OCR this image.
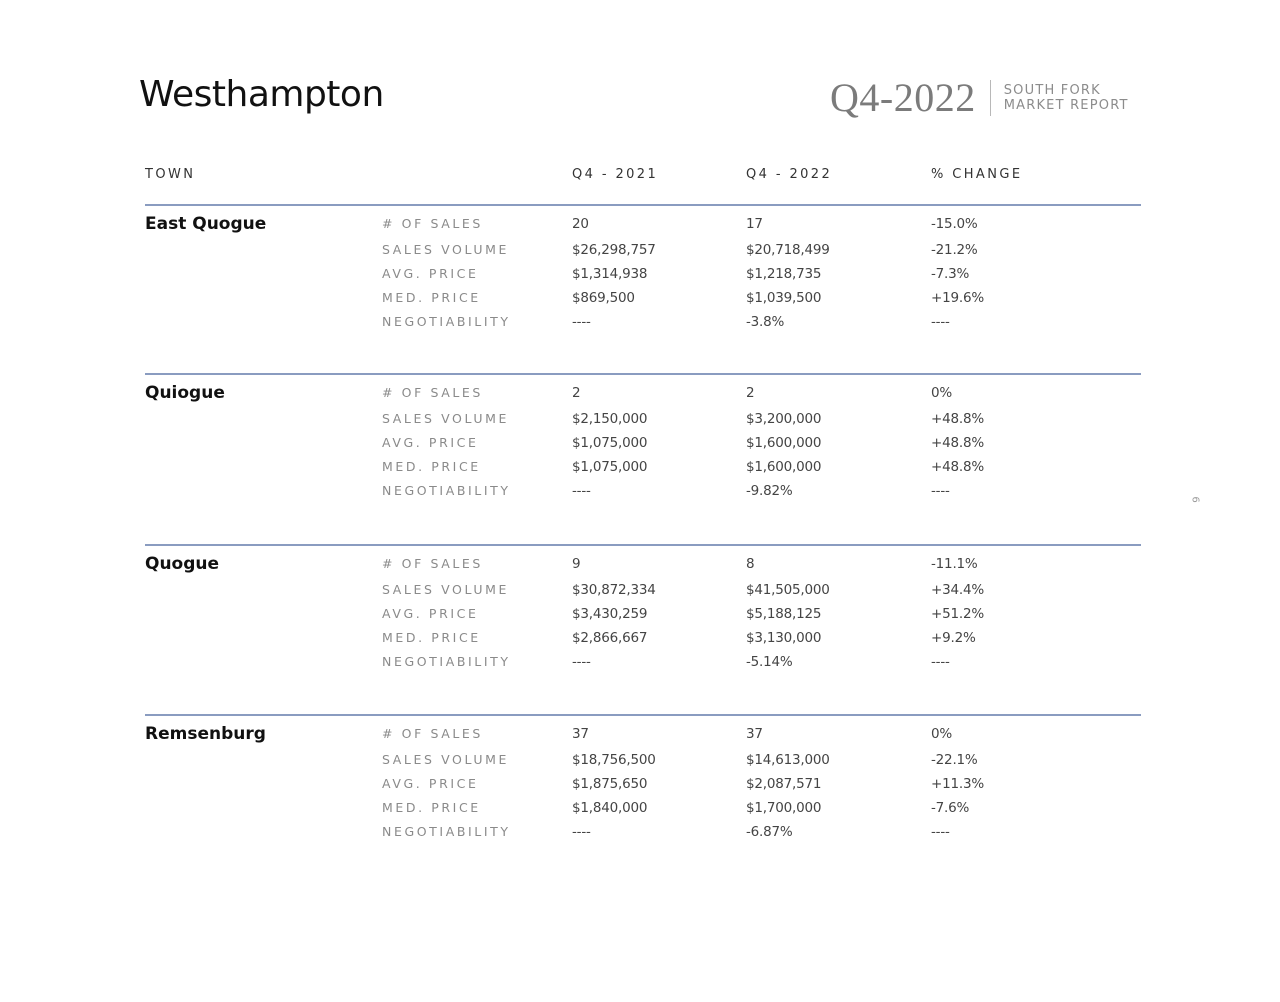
Westhampton	Q4-2022 SOUTH FORK
MARKET REPORT
TOWN	Q4 - 2021	Q4 - 2022	% CHANGE
East Quogue	# OF SALES	20	17	-15.0%
SALES VOLUME	$26,298,757	$20,718,499	-21.2%
AVG. PRICE	$1,314,938	$1,218,735	-7.3%
MED. PRICE	$869,500	$1,039,500	+19.6%
NEGOTIABILITY	----	-3.8%	----
Quiogue	# OF SALES	2	2	0%
SALES VOLUME	$2,150,000	$3,200,000	+48.8%
AVG. PRICE	$1,075,000	$1,600,000	+48.8%
MED. PRICE	$1,075,000	$1,600,000	+48.8%
NEGOTIABILITY	----	-9.82%	----
Quogue	# OF SALES	9	8	-11.1%
SALES VOLUME	$30,872,334	$41,505,000	+34.4%
AVG. PRICE	$3,430,259	$5,188,125	+51.2%
MED. PRICE	$2,866,667	$3,130,000	+9.2%
NEGOTIABILITY	----	-5.14%	----
Remsenburg	# OF SALES	37	37	0%
SALES VOLUME	$18,756,500	$14,613,000	-22.1%
AVG. PRICE	$1,875,650	$2,087,571	+11.3%
MED. PRICE	$1,840,000	$1,700,000	-7.6%
NEGOTIABILITY	----	-6.87%	----
6
